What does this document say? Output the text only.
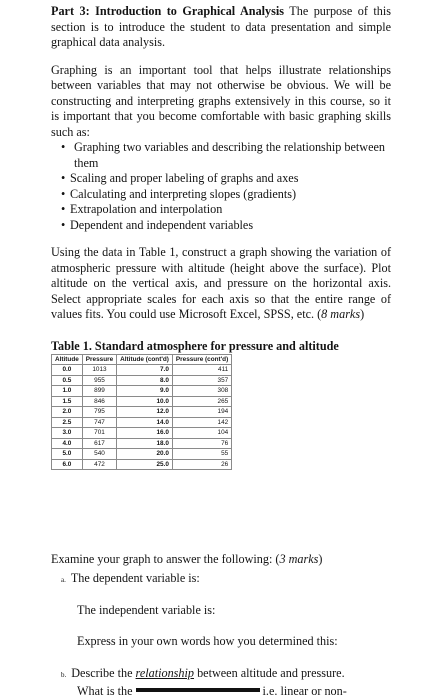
Part 3: Introduction to Graphical Analysis The purpose of this section is to introduce the student to data presentation and simple graphical data analysis.

Graphing is an important tool that helps illustrate relationships between variables that may not otherwise be obvious. We will be constructing and interpreting graphs extensively in this course, so it is important that you become comfortable with basic graphing skills such as:

• Graphing two variables and describing the relationship between them
• Scaling and proper labeling of graphs and axes
• Calculating and interpreting slopes (gradients)
• Extrapolation and interpolation
• Dependent and independent variables

Using the data in Table 1, construct a graph showing the variation of atmospheric pressure with altitude (height above the surface). Plot altitude on the vertical axis, and pressure on the horizontal axis. Select appropriate scales for each axis so that the entire range of values fits. You could use Microsoft Excel, SPSS, etc. (8 marks)

Table 1. Standard atmosphere for pressure and altitude
Altitude	Pressure	Altitude (cont'd)	Pressure (cont'd)
0.0	1013	7.0	411
0.5	955	8.0	357
1.0	899	9.0	308
1.5	846	10.0	265
2.0	795	12.0	194
2.5	747	14.0	142
3.0	701	16.0	104
4.0	617	18.0	76
5.0	540	20.0	55
6.0	472	25.0	26

Examine your graph to answer the following: (3 marks)

a. The dependent variable is:
The independent variable is:
Express in your own words how you determined this:
b. Describe the relationship between altitude and pressure.
What is the	i.e. linear or non-
